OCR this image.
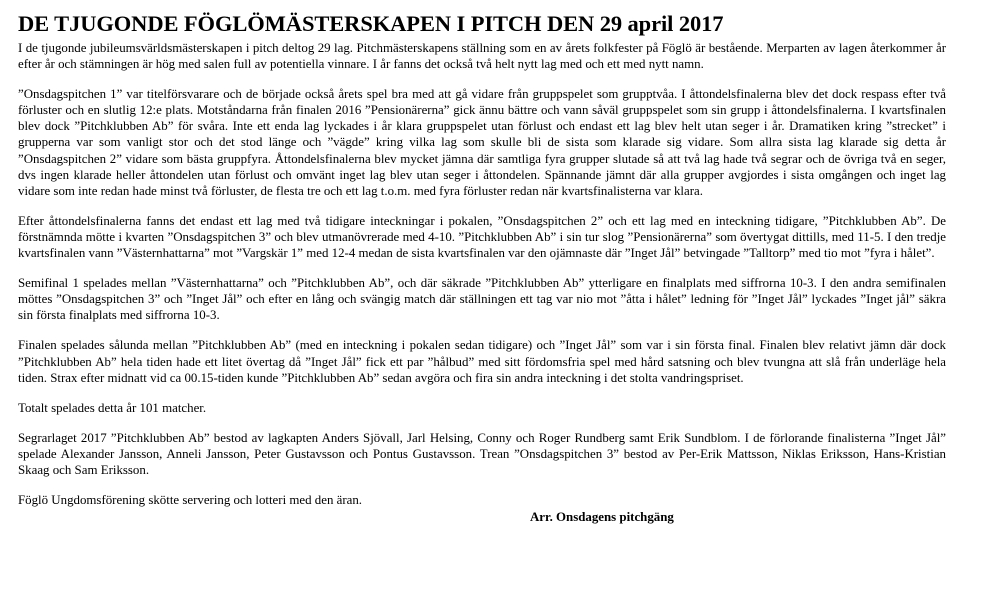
DE TJUGONDE FÖGLÖMÄSTERSKAPEN I PITCH DEN 29 april 2017

I de tjugonde jubileumsvärldsmästerskapen i pitch deltog 29 lag. Pitchmästerskapens ställning som en av årets folkfester på Föglö är bestående. Merparten av lagen återkommer år efter år och stämningen är hög med salen full av potentiella vinnare. I år fanns det också två helt nytt lag med och ett med nytt namn.

”Onsdagspitchen 1” var titelförsvarare och de började också årets spel bra med att gå vidare från gruppspelet som grupptvåa. I åttondelsfinalerna blev det dock respass efter två förluster och en slutlig 12:e plats. Motståndarna från finalen 2016 ”Pensionärerna” gick ännu bättre och vann såväl gruppspelet som sin grupp i åttondelsfinalerna. I kvartsfinalen blev dock ”Pitchklubben Ab” för svåra. Inte ett enda lag lyckades i år klara gruppspelet utan förlust och endast ett lag blev helt utan seger i år. Dramatiken kring ”strecket” i grupperna var som vanligt stor och det stod länge och ”vägde” kring vilka lag som skulle bli de sista som klarade sig vidare. Som allra sista lag klarade sig detta år ”Onsdagspitchen 2” vidare som bästa gruppfyra. Åttondelsfinalerna blev mycket jämna där samtliga fyra grupper slutade så att två lag hade två segrar och de övriga två en seger, dvs ingen klarade heller åttondelen utan förlust och omvänt inget lag blev utan seger i åttondelen. Spännande jämnt där alla grupper avgjordes i sista omgången och inget lag vidare som inte redan hade minst två förluster, de flesta tre och ett lag t.o.m. med fyra förluster redan när kvartsfinalisterna var klara.

Efter åttondelsfinalerna fanns det endast ett lag med två tidigare inteckningar i pokalen, ”Onsdagspitchen 2” och ett lag med en inteckning tidigare, ”Pitchklubben Ab”. De förstnämnda mötte i kvarten ”Onsdagspitchen 3” och blev utmanövrerade med 4-10. ”Pitchklubben Ab” i sin tur slog ”Pensionärerna” som övertygat dittills, med 11-5. I den tredje kvartsfinalen vann ”Västernhattarna” mot ”Vargskär 1” med 12-4 medan de sista kvartsfinalen var den ojämnaste där ”Inget Jål” betvingade ”Talltorp” med tio mot ”fyra i hålet”.

Semifinal 1 spelades mellan ”Västernhattarna” och ”Pitchklubben Ab”, och där säkrade ”Pitchklubben Ab” ytterligare en finalplats med siffrorna 10-3. I den andra semifinalen möttes ”Onsdagspitchen 3” och ”Inget Jål” och efter en lång och svängig match där ställningen ett tag var nio mot ”åtta i hålet” ledning för ”Inget Jål” lyckades ”Inget jål” säkra sin första finalplats med siffrorna 10-3.

Finalen spelades sålunda mellan ”Pitchklubben Ab” (med en inteckning i pokalen sedan tidigare) och ”Inget Jål” som var i sin första final. Finalen blev relativt jämn där dock ”Pitchklubben Ab” hela tiden hade ett litet övertag då ”Inget Jål” fick ett par ”hålbud” med sitt fördomsfria spel med hård satsning och blev tvungna att slå från underläge hela tiden. Strax efter midnatt vid ca 00.15-tiden kunde ”Pitchklubben Ab” sedan avgöra och fira sin andra inteckning i det stolta vandringspriset.

Totalt spelades detta år 101 matcher.

Segrarlaget 2017 ”Pitchklubben Ab” bestod av lagkapten Anders Sjövall, Jarl Helsing, Conny och Roger Rundberg samt Erik Sundblom. I de förlorande finalisterna ”Inget Jål” spelade Alexander Jansson, Anneli Jansson, Peter Gustavsson och Pontus Gustavsson. Trean ”Onsdagspitchen 3” bestod av Per-Erik Mattsson, Niklas Eriksson, Hans-Kristian Skaag och Sam Eriksson.

Föglö Ungdomsförening skötte servering och lotteri med den äran.

Arr. Onsdagens pitchgäng
